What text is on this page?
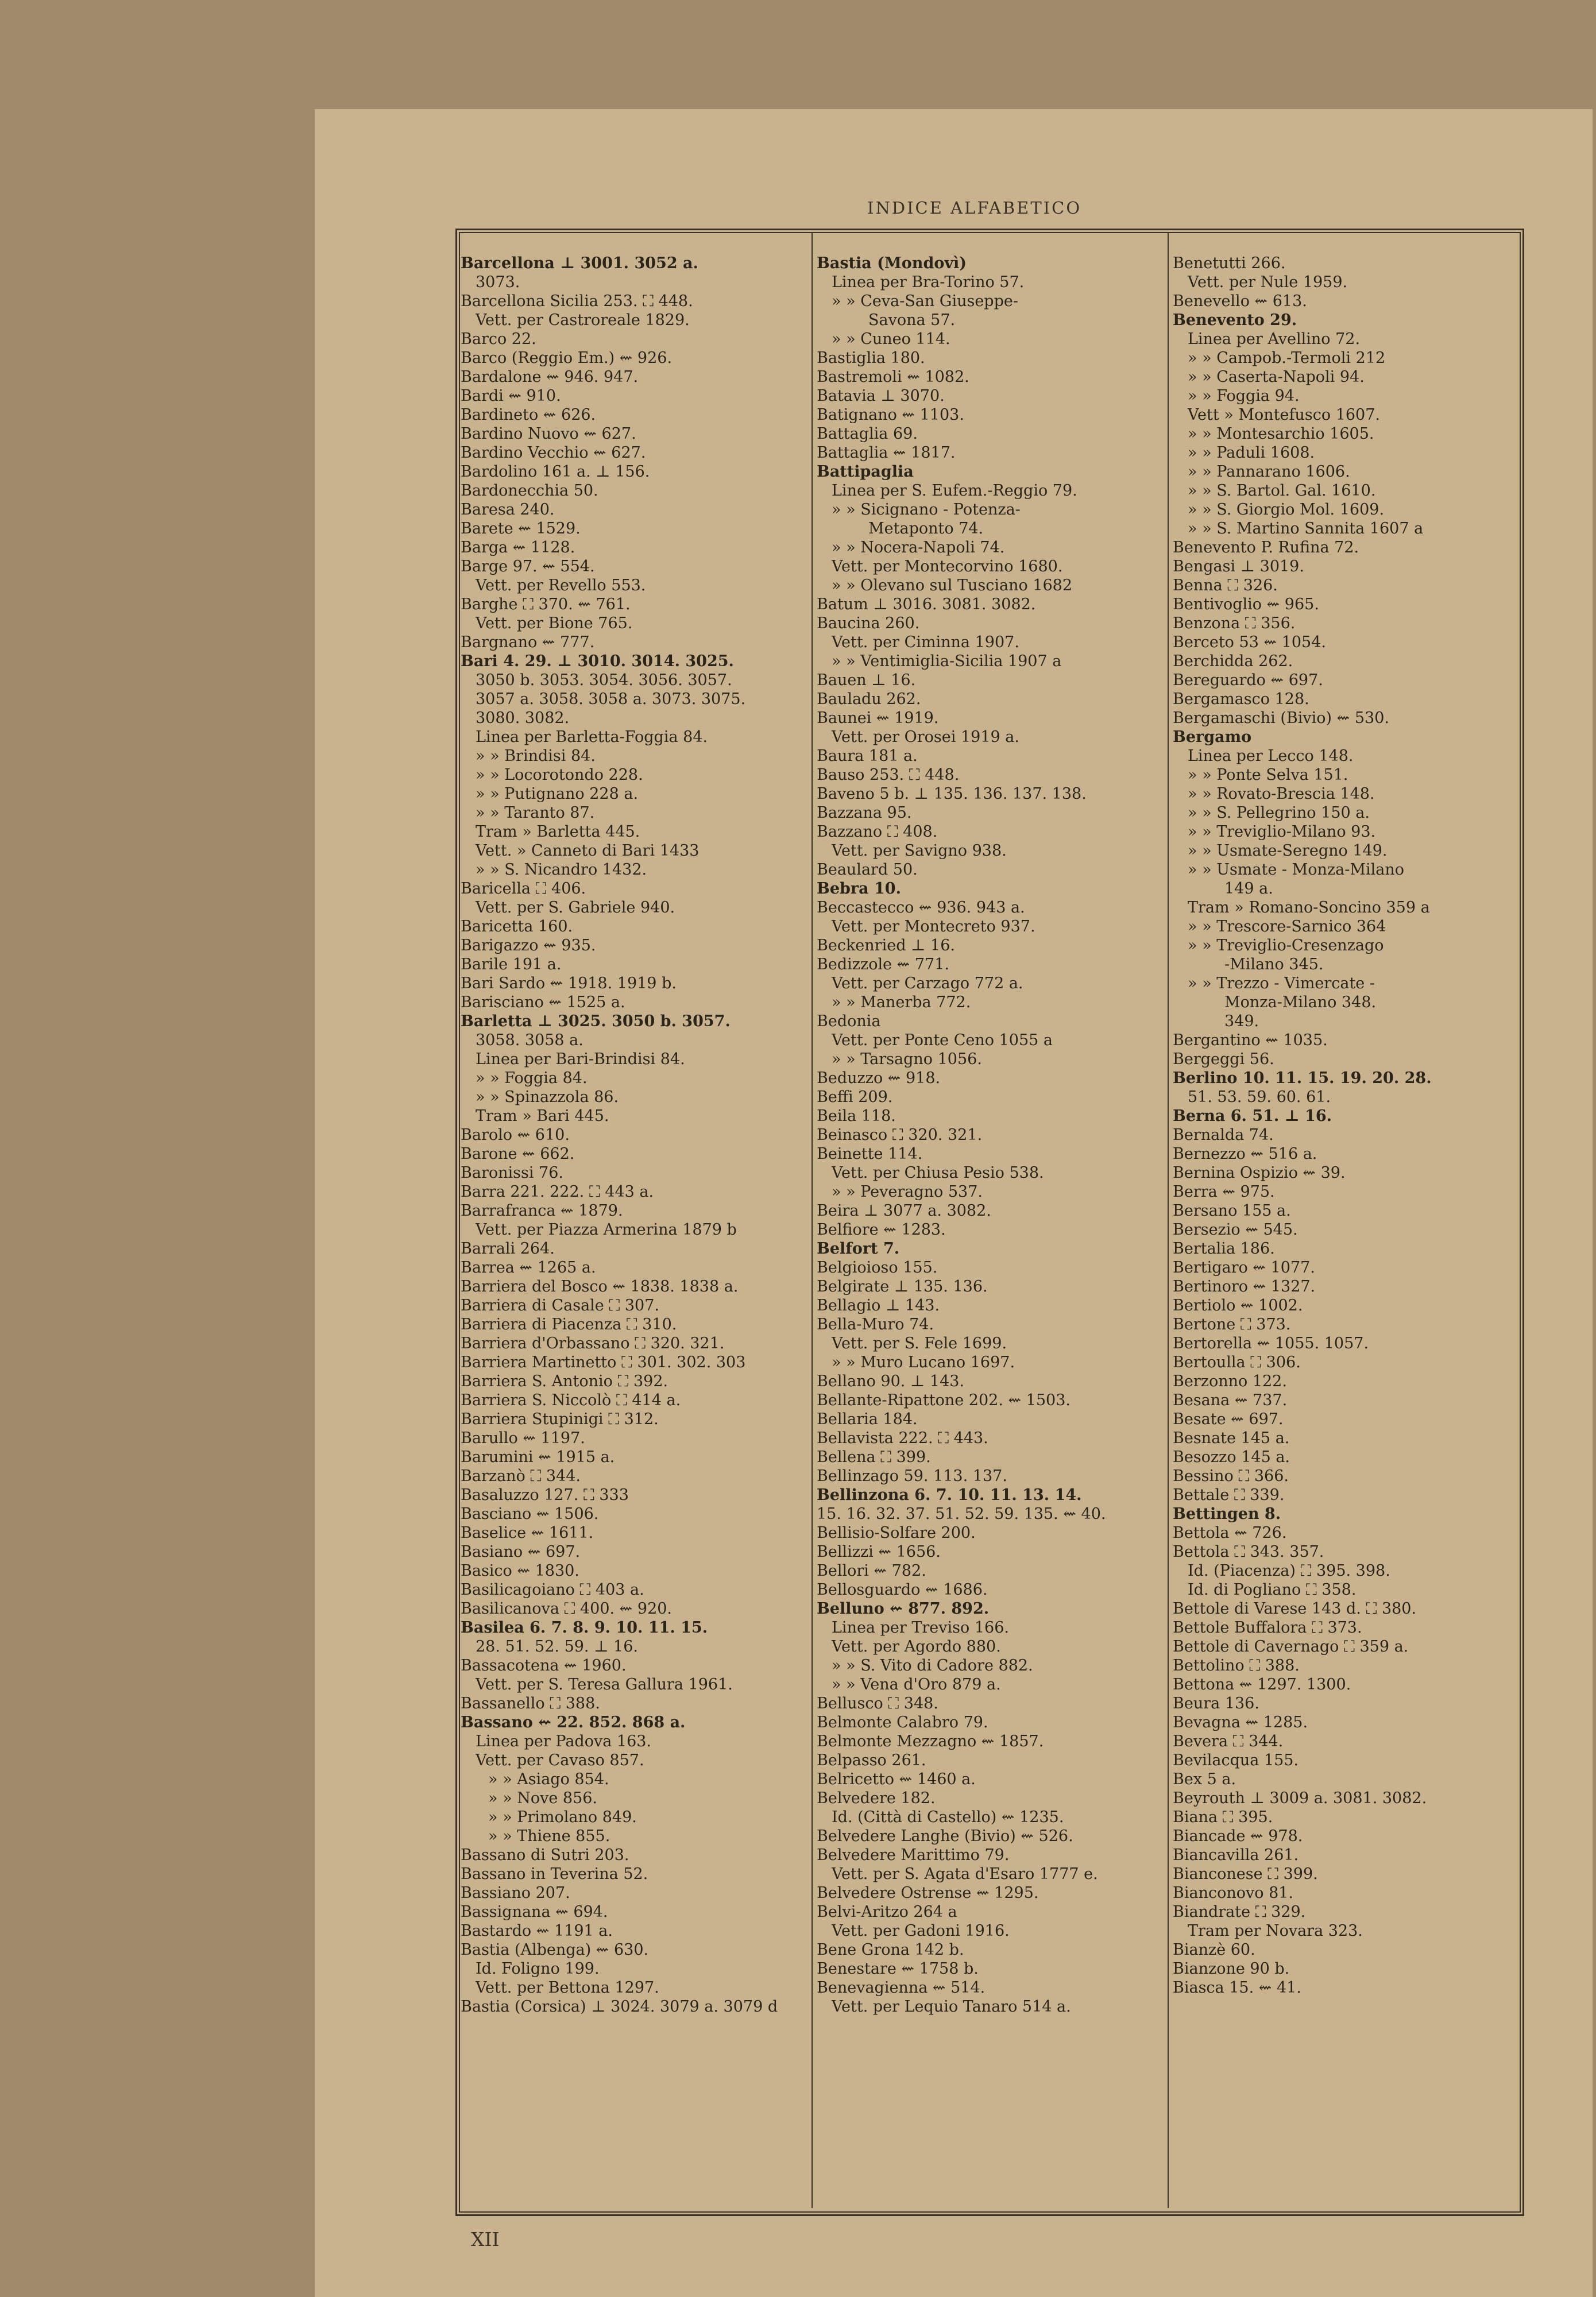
INDICE ALFABETICO
Barcellona ⊥ 3001. 3052 a.
3073.
Barcellona Sicilia 253. ⛶ 448.
Vett. per Castroreale 1829.
Barco 22.
Barco (Reggio Em.) ⇜ 926.
Bardalone ⇜ 946. 947.
Bardi ⇜ 910.
Bardineto ⇜ 626.
Bardino Nuovo ⇜ 627.
Bardino Vecchio ⇜ 627.
Bardolino 161 a. ⊥ 156.
Bardonecchia 50.
Baresa 240.
Barete ⇜ 1529.
Barga ⇜ 1128.
Barge 97. ⇜ 554.
Vett. per Revello 553.
Barghe ⛶ 370. ⇜ 761.
Vett. per Bione 765.
Bargnano ⇜ 777.
Bari 4. 29. ⊥ 3010. 3014. 3025.
3050 b. 3053. 3054. 3056. 3057.
3057 a. 3058. 3058 a. 3073. 3075.
3080. 3082.
Linea per Barletta-Foggia 84.
» » Brindisi 84.
» » Locorotondo 228.
» » Putignano 228 a.
» » Taranto 87.
Tram » Barletta 445.
Vett. » Canneto di Bari 1433
» » S. Nicandro 1432.
Baricella ⛶ 406.
Vett. per S. Gabriele 940.
Baricetta 160.
Barigazzo ⇜ 935.
Barile 191 a.
Bari Sardo ⇜ 1918. 1919 b.
Barisciano ⇜ 1525 a.
Barletta ⊥ 3025. 3050 b. 3057.
3058. 3058 a.
Linea per Bari-Brindisi 84.
» » Foggia 84.
» » Spinazzola 86.
Tram » Bari 445.
Barolo ⇜ 610.
Barone ⇜ 662.
Baronissi 76.
Barra 221. 222. ⛶ 443 a.
Barrafranca ⇜ 1879.
Vett. per Piazza Armerina 1879 b
Barrali 264.
Barrea ⇜ 1265 a.
Barriera del Bosco ⇜ 1838. 1838 a.
Barriera di Casale ⛶ 307.
Barriera di Piacenza ⛶ 310.
Barriera d'Orbassano ⛶ 320. 321.
Barriera Martinetto ⛶ 301. 302. 303
Barriera S. Antonio ⛶ 392.
Barriera S. Niccolò ⛶ 414 a.
Barriera Stupinigi ⛶ 312.
Barullo ⇜ 1197.
Barumini ⇜ 1915 a.
Barzanò ⛶ 344.
Basaluzzo 127. ⛶ 333
Basciano ⇜ 1506.
Baselice ⇜ 1611.
Basiano ⇜ 697.
Basico ⇜ 1830.
Basilicagoiano ⛶ 403 a.
Basilicanova ⛶ 400. ⇜ 920.
Basilea 6. 7. 8. 9. 10. 11. 15.
28. 51. 52. 59. ⊥ 16.
Bassacotena ⇜ 1960.
Vett. per S. Teresa Gallura 1961.
Bassanello ⛶ 388.
Bassano ⇜ 22. 852. 868 a.
Linea per Padova 163.
Vett. per Cavaso 857.
» » Asiago 854.
» » Nove 856.
» » Primolano 849.
» » Thiene 855.
Bassano di Sutri 203.
Bassano in Teverina 52.
Bassiano 207.
Bassignana ⇜ 694.
Bastardo ⇜ 1191 a.
Bastia (Albenga) ⇜ 630.
Id. Foligno 199.
Vett. per Bettona 1297.
Bastia (Corsica) ⊥ 3024. 3079 a. 3079 d
Bastia (Mondovì)
Linea per Bra-Torino 57.
» » Ceva-San Giuseppe-
Savona 57.
» » Cuneo 114.
Bastiglia 180.
Bastremoli ⇜ 1082.
Batavia ⊥ 3070.
Batignano ⇜ 1103.
Battaglia 69.
Battaglia ⇜ 1817.
Battipaglia
Linea per S. Eufem.-Reggio 79.
» » Sicignano - Potenza-
Metaponto 74.
» » Nocera-Napoli 74.
Vett. per Montecorvino 1680.
» » Olevano sul Tusciano 1682
Batum ⊥ 3016. 3081. 3082.
Baucina 260.
Vett. per Ciminna 1907.
» » Ventimiglia-Sicilia 1907 a
Bauen ⊥ 16.
Bauladu 262.
Baunei ⇜ 1919.
Vett. per Orosei 1919 a.
Baura 181 a.
Bauso 253. ⛶ 448.
Baveno 5 b. ⊥ 135. 136. 137. 138.
Bazzana 95.
Bazzano ⛶ 408.
Vett. per Savigno 938.
Beaulard 50.
Bebra 10.
Beccastecco ⇜ 936. 943 a.
Vett. per Montecreto 937.
Beckenried ⊥ 16.
Bedizzole ⇜ 771.
Vett. per Carzago 772 a.
» » Manerba 772.
Bedonia
Vett. per Ponte Ceno 1055 a
» » Tarsagno 1056.
Beduzzo ⇜ 918.
Beffi 209.
Beila 118.
Beinasco ⛶ 320. 321.
Beinette 114.
Vett. per Chiusa Pesio 538.
» » Peveragno 537.
Beira ⊥ 3077 a. 3082.
Belfiore ⇜ 1283.
Belfort 7.
Belgioioso 155.
Belgirate ⊥ 135. 136.
Bellagio ⊥ 143.
Bella-Muro 74.
Vett. per S. Fele 1699.
» » Muro Lucano 1697.
Bellano 90. ⊥ 143.
Bellante-Ripattone 202. ⇜ 1503.
Bellaria 184.
Bellavista 222. ⛶ 443.
Bellena ⛶ 399.
Bellinzago 59. 113. 137.
Bellinzona 6. 7. 10. 11. 13. 14.
15. 16. 32. 37. 51. 52. 59. 135. ⇜ 40.
Bellisio-Solfare 200.
Bellizzi ⇜ 1656.
Bellori ⇜ 782.
Bellosguardo ⇜ 1686.
Belluno ⇜ 877. 892.
Linea per Treviso 166.
Vett. per Agordo 880.
» » S. Vito di Cadore 882.
» » Vena d'Oro 879 a.
Bellusco ⛶ 348.
Belmonte Calabro 79.
Belmonte Mezzagno ⇜ 1857.
Belpasso 261.
Belricetto ⇜ 1460 a.
Belvedere 182.
Id. (Città di Castello) ⇜ 1235.
Belvedere Langhe (Bivio) ⇜ 526.
Belvedere Marittimo 79.
Vett. per S. Agata d'Esaro 1777 e.
Belvedere Ostrense ⇜ 1295.
Belvi-Aritzo 264 a
Vett. per Gadoni 1916.
Bene Grona 142 b.
Benestare ⇜ 1758 b.
Benevagienna ⇜ 514.
Vett. per Lequio Tanaro 514 a.
Benetutti 266.
Vett. per Nule 1959.
Benevello ⇜ 613.
Benevento 29.
Linea per Avellino 72.
» » Campob.-Termoli 212
» » Caserta-Napoli 94.
» » Foggia 94.
Vett » Montefusco 1607.
» » Montesarchio 1605.
» » Paduli 1608.
» » Pannarano 1606.
» » S. Bartol. Gal. 1610.
» » S. Giorgio Mol. 1609.
» » S. Martino Sannita 1607 a
Benevento P. Rufina 72.
Bengasi ⊥ 3019.
Benna ⛶ 326.
Bentivoglio ⇜ 965.
Benzona ⛶ 356.
Berceto 53 ⇜ 1054.
Berchidda 262.
Bereguardo ⇜ 697.
Bergamasco 128.
Bergamaschi (Bivio) ⇜ 530.
Bergamo
Linea per Lecco 148.
» » Ponte Selva 151.
» » Rovato-Brescia 148.
» » S. Pellegrino 150 a.
» » Treviglio-Milano 93.
» » Usmate-Seregno 149.
» » Usmate - Monza-Milano
149 a.
Tram » Romano-Soncino 359 a
» » Trescore-Sarnico 364
» » Treviglio-Cresenzago
-Milano 345.
» » Trezzo - Vimercate -
Monza-Milano 348.
349.
Bergantino ⇜ 1035.
Bergeggi 56.
Berlino 10. 11. 15. 19. 20. 28.
51. 53. 59. 60. 61.
Berna 6. 51. ⊥ 16.
Bernalda 74.
Bernezzo ⇜ 516 a.
Bernina Ospizio ⇜ 39.
Berra ⇜ 975.
Bersano 155 a.
Bersezio ⇜ 545.
Bertalia 186.
Bertigaro ⇜ 1077.
Bertinoro ⇜ 1327.
Bertiolo ⇜ 1002.
Bertone ⛶ 373.
Bertorella ⇜ 1055. 1057.
Bertoulla ⛶ 306.
Berzonno 122.
Besana ⇜ 737.
Besate ⇜ 697.
Besnate 145 a.
Besozzo 145 a.
Bessino ⛶ 366.
Bettale ⛶ 339.
Bettingen 8.
Bettola ⇜ 726.
Bettola ⛶ 343. 357.
Id. (Piacenza) ⛶ 395. 398.
Id. di Pogliano ⛶ 358.
Bettole di Varese 143 d. ⛶ 380.
Bettole Buffalora ⛶ 373.
Bettole di Cavernago ⛶ 359 a.
Bettolino ⛶ 388.
Bettona ⇜ 1297. 1300.
Beura 136.
Bevagna ⇜ 1285.
Bevera ⛶ 344.
Bevilacqua 155.
Bex 5 a.
Beyrouth ⊥ 3009 a. 3081. 3082.
Biana ⛶ 395.
Biancade ⇜ 978.
Biancavilla 261.
Bianconese ⛶ 399.
Bianconovo 81.
Biandrate ⛶ 329.
Tram per Novara 323.
Bianzè 60.
Bianzone 90 b.
Biasca 15. ⇜ 41.
XII
